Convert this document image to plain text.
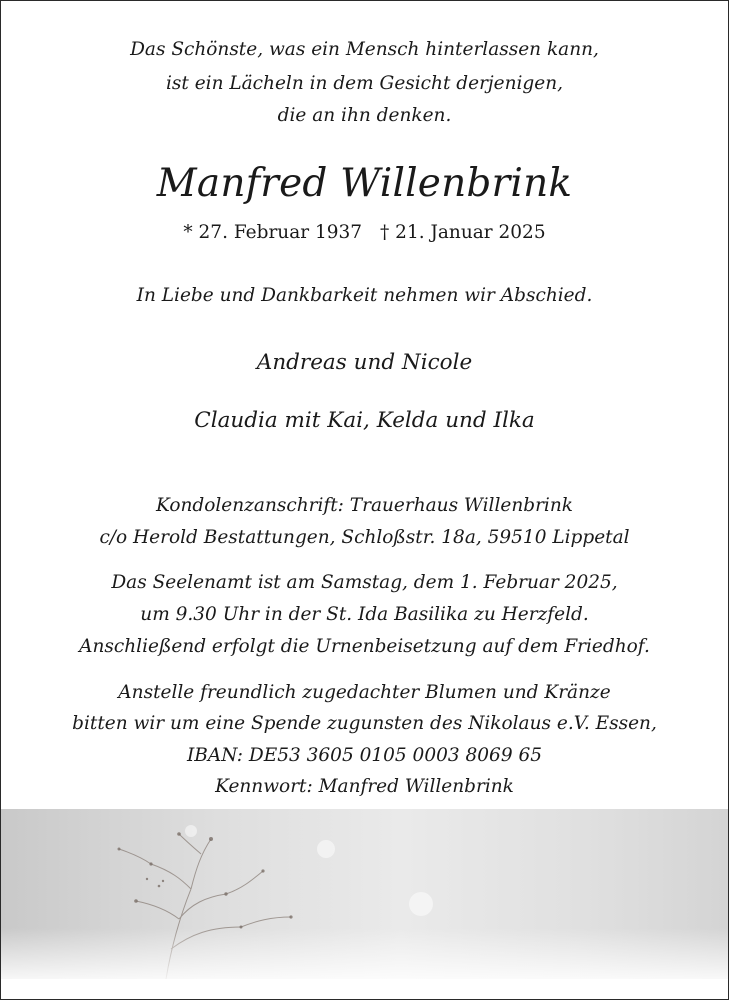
Das Schönste, was ein Mensch hinterlassen kann,
ist ein Lächeln in dem Gesicht derjenigen,
die an ihn denken.
Manfred Willenbrink
* 27. Februar 1937 † 21. Januar 2025
In Liebe und Dankbarkeit nehmen wir Abschied.
Andreas und Nicole
Claudia mit Kai, Kelda und Ilka
Kondolenzanschrift: Trauerhaus Willenbrink
c/o Herold Bestattungen, Schloßstr. 18a, 59510 Lippetal
Das Seelenamt ist am Samstag, dem 1. Februar 2025,
um 9.30 Uhr in der St. Ida Basilika zu Herzfeld.
Anschließend erfolgt die Urnenbeisetzung auf dem Friedhof.
Anstelle freundlich zugedachter Blumen und Kränze
bitten wir um eine Spende zugunsten des Nikolaus e.V. Essen,
IBAN: DE53 3605 0105 0003 8069 65
Kennwort: Manfred Willenbrink
